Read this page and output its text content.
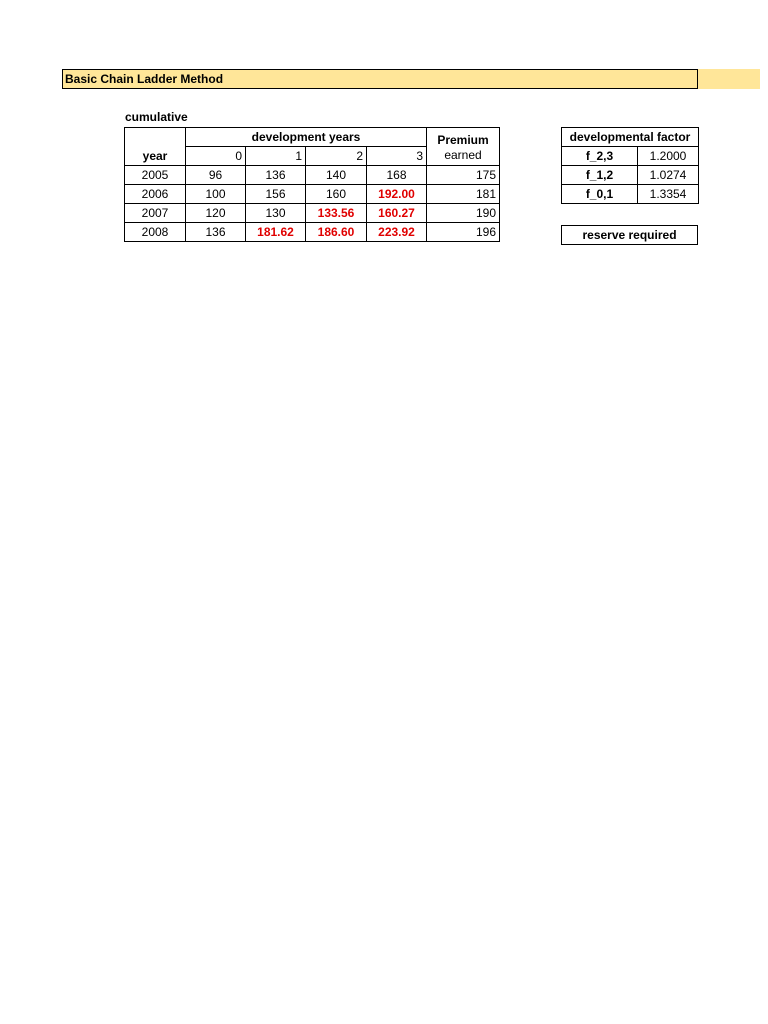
Basic Chain Ladder Method
cumulative
	development years				Premium
earned
year	0	1	2	3	
2005	96	136	140	168	175
2006	100	156	160	192.00	181
2007	120	130	133.56	160.27	190
2008	136	181.62	186.60	223.92	196
developmental factor	
f_2,3	1.2000
f_1,2	1.0274
f_0,1	1.3354
reserve required
